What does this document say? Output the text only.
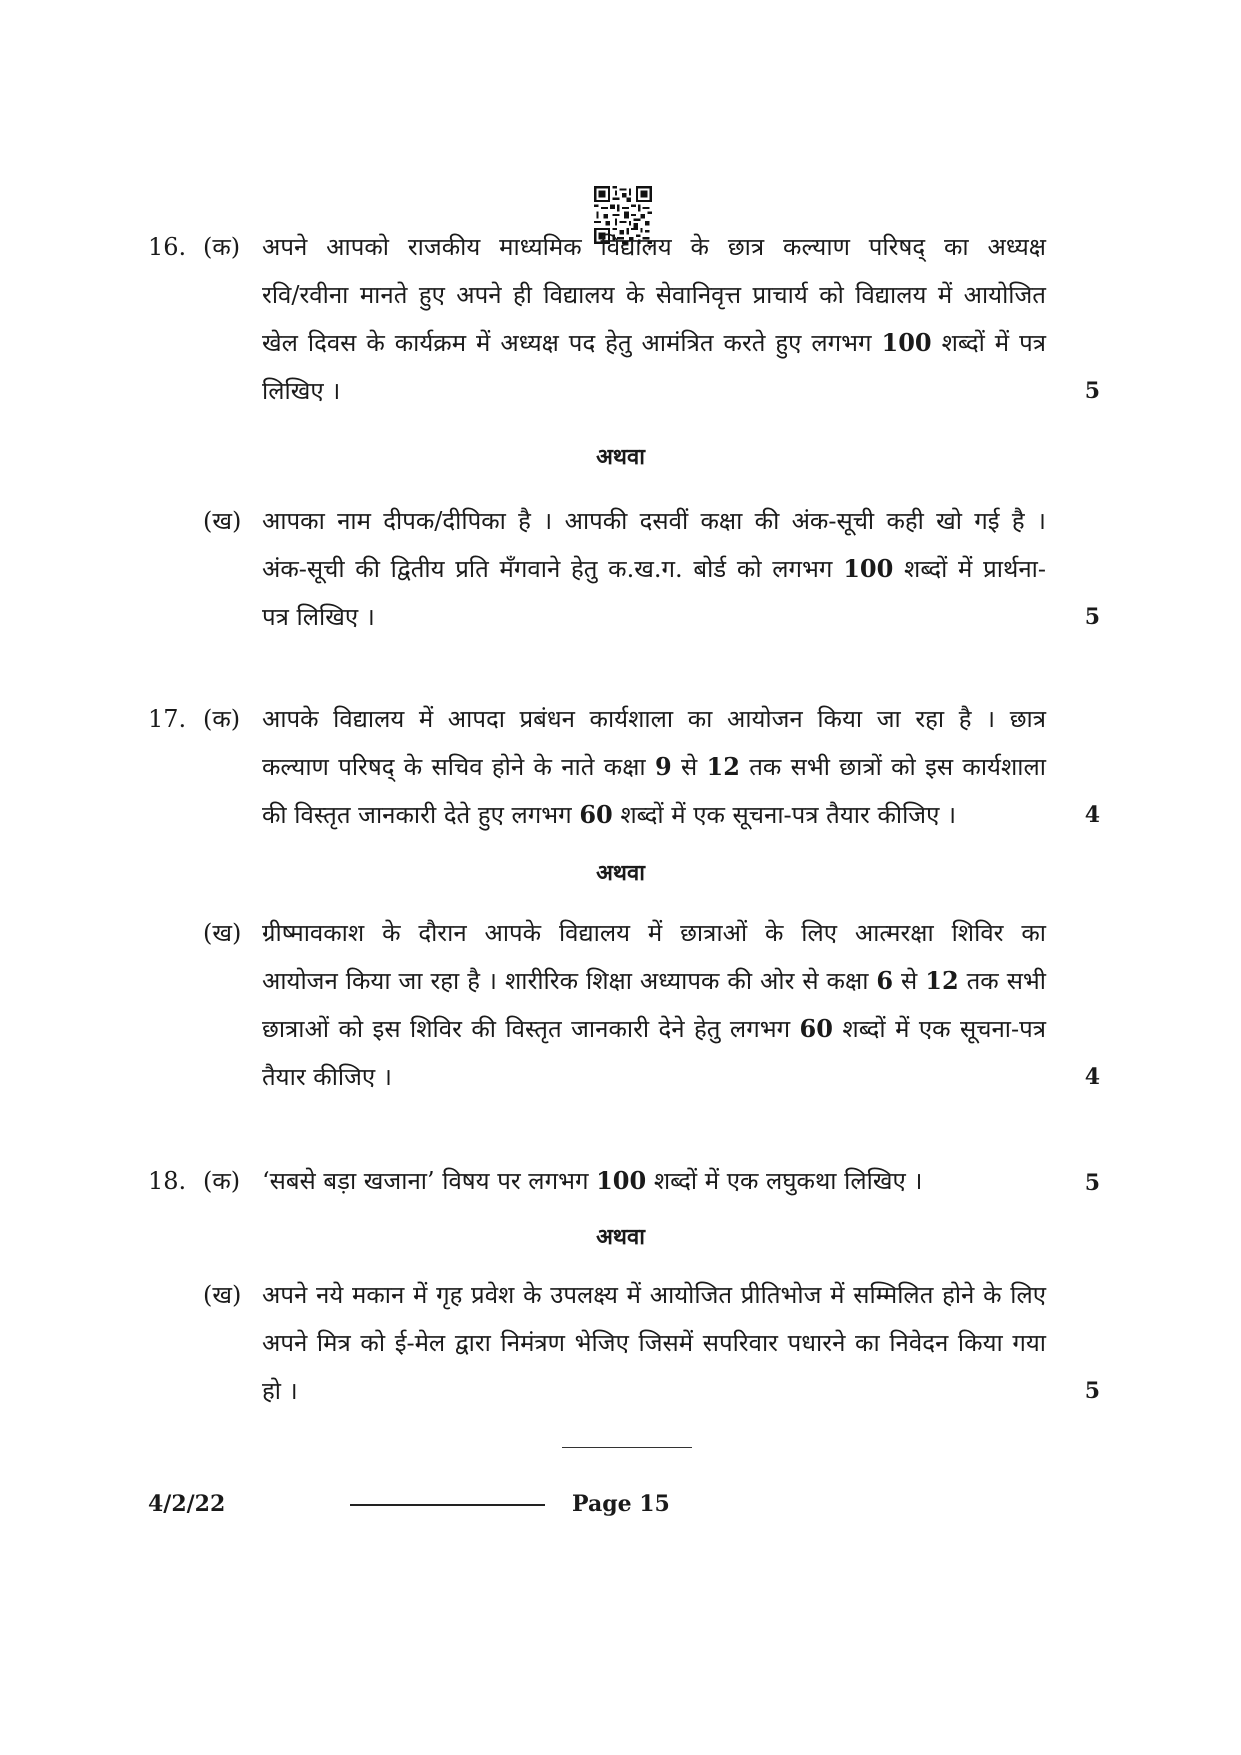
16. (क) अपने आपको राजकीय माध्यमिक विद्यालय के छात्र कल्याण परिषद् का अध्यक्ष
रवि/रवीना मानते हुए अपने ही विद्यालय के सेवानिवृत्त प्राचार्य को विद्यालय में आयोजित
खेल दिवस के कार्यक्रम में अध्यक्ष पद हेतु आमंत्रित करते हुए लगभग 100 शब्दों में पत्र
लिखिए ।	5
अथवा
(ख) आपका नाम दीपक/दीपिका है । आपकी दसवीं कक्षा की अंक-सूची कही खो गई है ।
अंक-सूची की द्वितीय प्रति मँगवाने हेतु क.ख.ग. बोर्ड को लगभग 100 शब्दों में प्रार्थना-
पत्र लिखिए ।	5
17. (क) आपके विद्यालय में आपदा प्रबंधन कार्यशाला का आयोजन किया जा रहा है । छात्र
कल्याण परिषद् के सचिव होने के नाते कक्षा 9 से 12 तक सभी छात्रों को इस कार्यशाला
की विस्तृत जानकारी देते हुए लगभग 60 शब्दों में एक सूचना-पत्र तैयार कीजिए ।	4
अथवा
(ख) ग्रीष्मावकाश के दौरान आपके विद्यालय में छात्राओं के लिए आत्मरक्षा शिविर का
आयोजन किया जा रहा है । शारीरिक शिक्षा अध्यापक की ओर से कक्षा 6 से 12 तक सभी
छात्राओं को इस शिविर की विस्तृत जानकारी देने हेतु लगभग 60 शब्दों में एक सूचना-पत्र
तैयार कीजिए ।	4
18. (क) ‘सबसे बड़ा खजाना’ विषय पर लगभग 100 शब्दों में एक लघुकथा लिखिए ।	5
अथवा
(ख) अपने नये मकान में गृह प्रवेश के उपलक्ष्य में आयोजित प्रीतिभोज में सम्मिलित होने के लिए
अपने मित्र को ई-मेल द्वारा निमंत्रण भेजिए जिसमें सपरिवार पधारने का निवेदन किया गया
हो ।	5
4/2/22	Page 15
